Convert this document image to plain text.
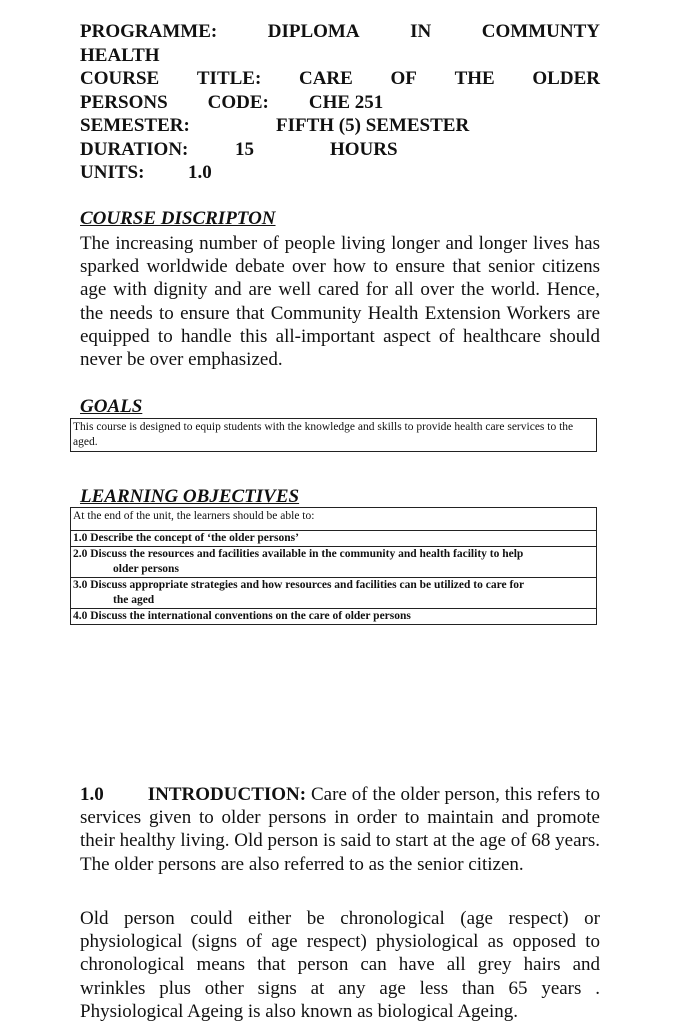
PROGRAMME:	DIPLOMA	IN	COMMUNTY
HEALTH
COURSE TITLE: CARE OF THE OLDER
PERSONS CODE: CHE 251
SEMESTER:	FIFTH (5) SEMESTER
DURATION:	15	HOURS
UNITS:	1.0
COURSE DISCRIPTON
The increasing number of people living longer and longer lives has sparked worldwide debate over how to ensure that senior citizens age with dignity and are well cared for all over the world. Hence, the needs to ensure that Community Health Extension Workers are equipped to handle this all-important aspect of healthcare should never be over emphasized.
GOALS
This course is designed to equip students with the knowledge and skills to provide health care services to the aged.
LEARNING OBJECTIVES
At the end of the unit, the learners should be able to:
1.0 Describe the concept of ‘the older persons’
2.0 Discuss the resources and facilities available in the community and health facility to help
older persons
3.0 Discuss appropriate strategies and how resources and facilities can be utilized to care for
the aged
4.0 Discuss the international conventions on the care of older persons
1.0 INTRODUCTION: Care of the older person, this refers to services given to older persons in order to maintain and promote their healthy living. Old person is said to start at the age of 68 years. The older persons are also referred to as the senior citizen.
Old person could either be chronological (age respect) or physiological (signs of age respect) physiological as opposed to chronological means that person can have all grey hairs and wrinkles plus other signs at any age less than 65 years . Physiological Ageing is also known as biological Ageing.
